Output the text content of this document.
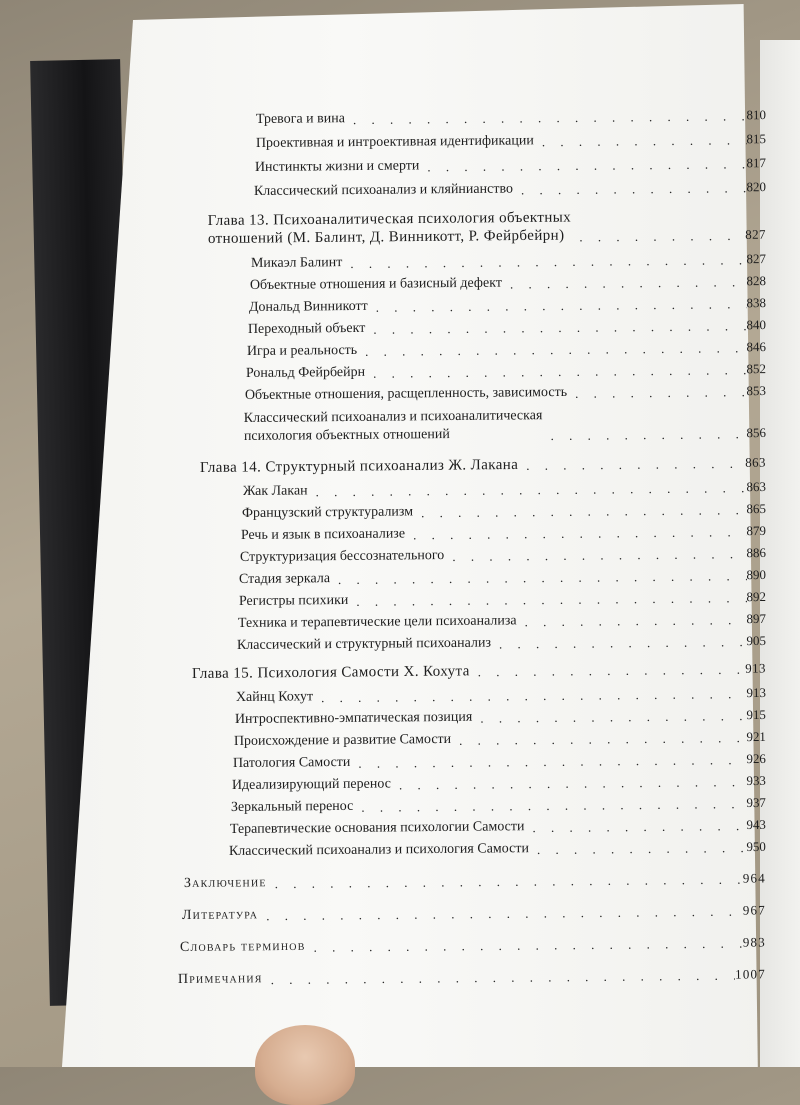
Тревога и вина . . .	810
Проективная и интроективная идентификации . . .	815
Инстинкты жизни и смерти . . .	817
Классический психоанализ и кляйнианство . . .	820
Глава 13. Психоаналитическая психология объектных
отношений (М. Балинт, Д. Винникотт, Р. Фейрбейрн) . . .	827
Микаэл Балинт . . .	827
Объектные отношения и базисный дефект . . .	828
Дональд Винникотт . . .	838
Переходный объект . . .	840
Игра и реальность . . .	846
Рональд Фейрбейрн . . .	852
Объектные отношения, расщепленность, зависимость . . .	853
Классический психоанализ и психоаналитическая
психология объектных отношений . . .	856
Глава 14. Структурный психоанализ Ж. Лакана . . .	863
Жак Лакан . . .	863
Французский структурализм . . .	865
Речь и язык в психоанализе . . .	879
Структуризация бессознательного . . .	886
Стадия зеркала . . .	890
Регистры психики . . .	892
Техника и терапевтические цели психоанализа . . .	897
Классический и структурный психоанализ . . .	905
Глава 15. Психология Самости Х. Кохута . . .	913
Хайнц Кохут . . .	913
Интроспективно-эмпатическая позиция . . .	915
Происхождение и развитие Самости . . .	921
Патология Самости . . .	926
Идеализирующий перенос . . .	933
Зеркальный перенос . . .	937
Терапевтические основания психологии Самости . . .	943
Классический психоанализ и психология Самости . . .	950
Заключение . . .	964
Литература . . .	967
Словарь терминов . . .	983
Примечания . . .	1007
